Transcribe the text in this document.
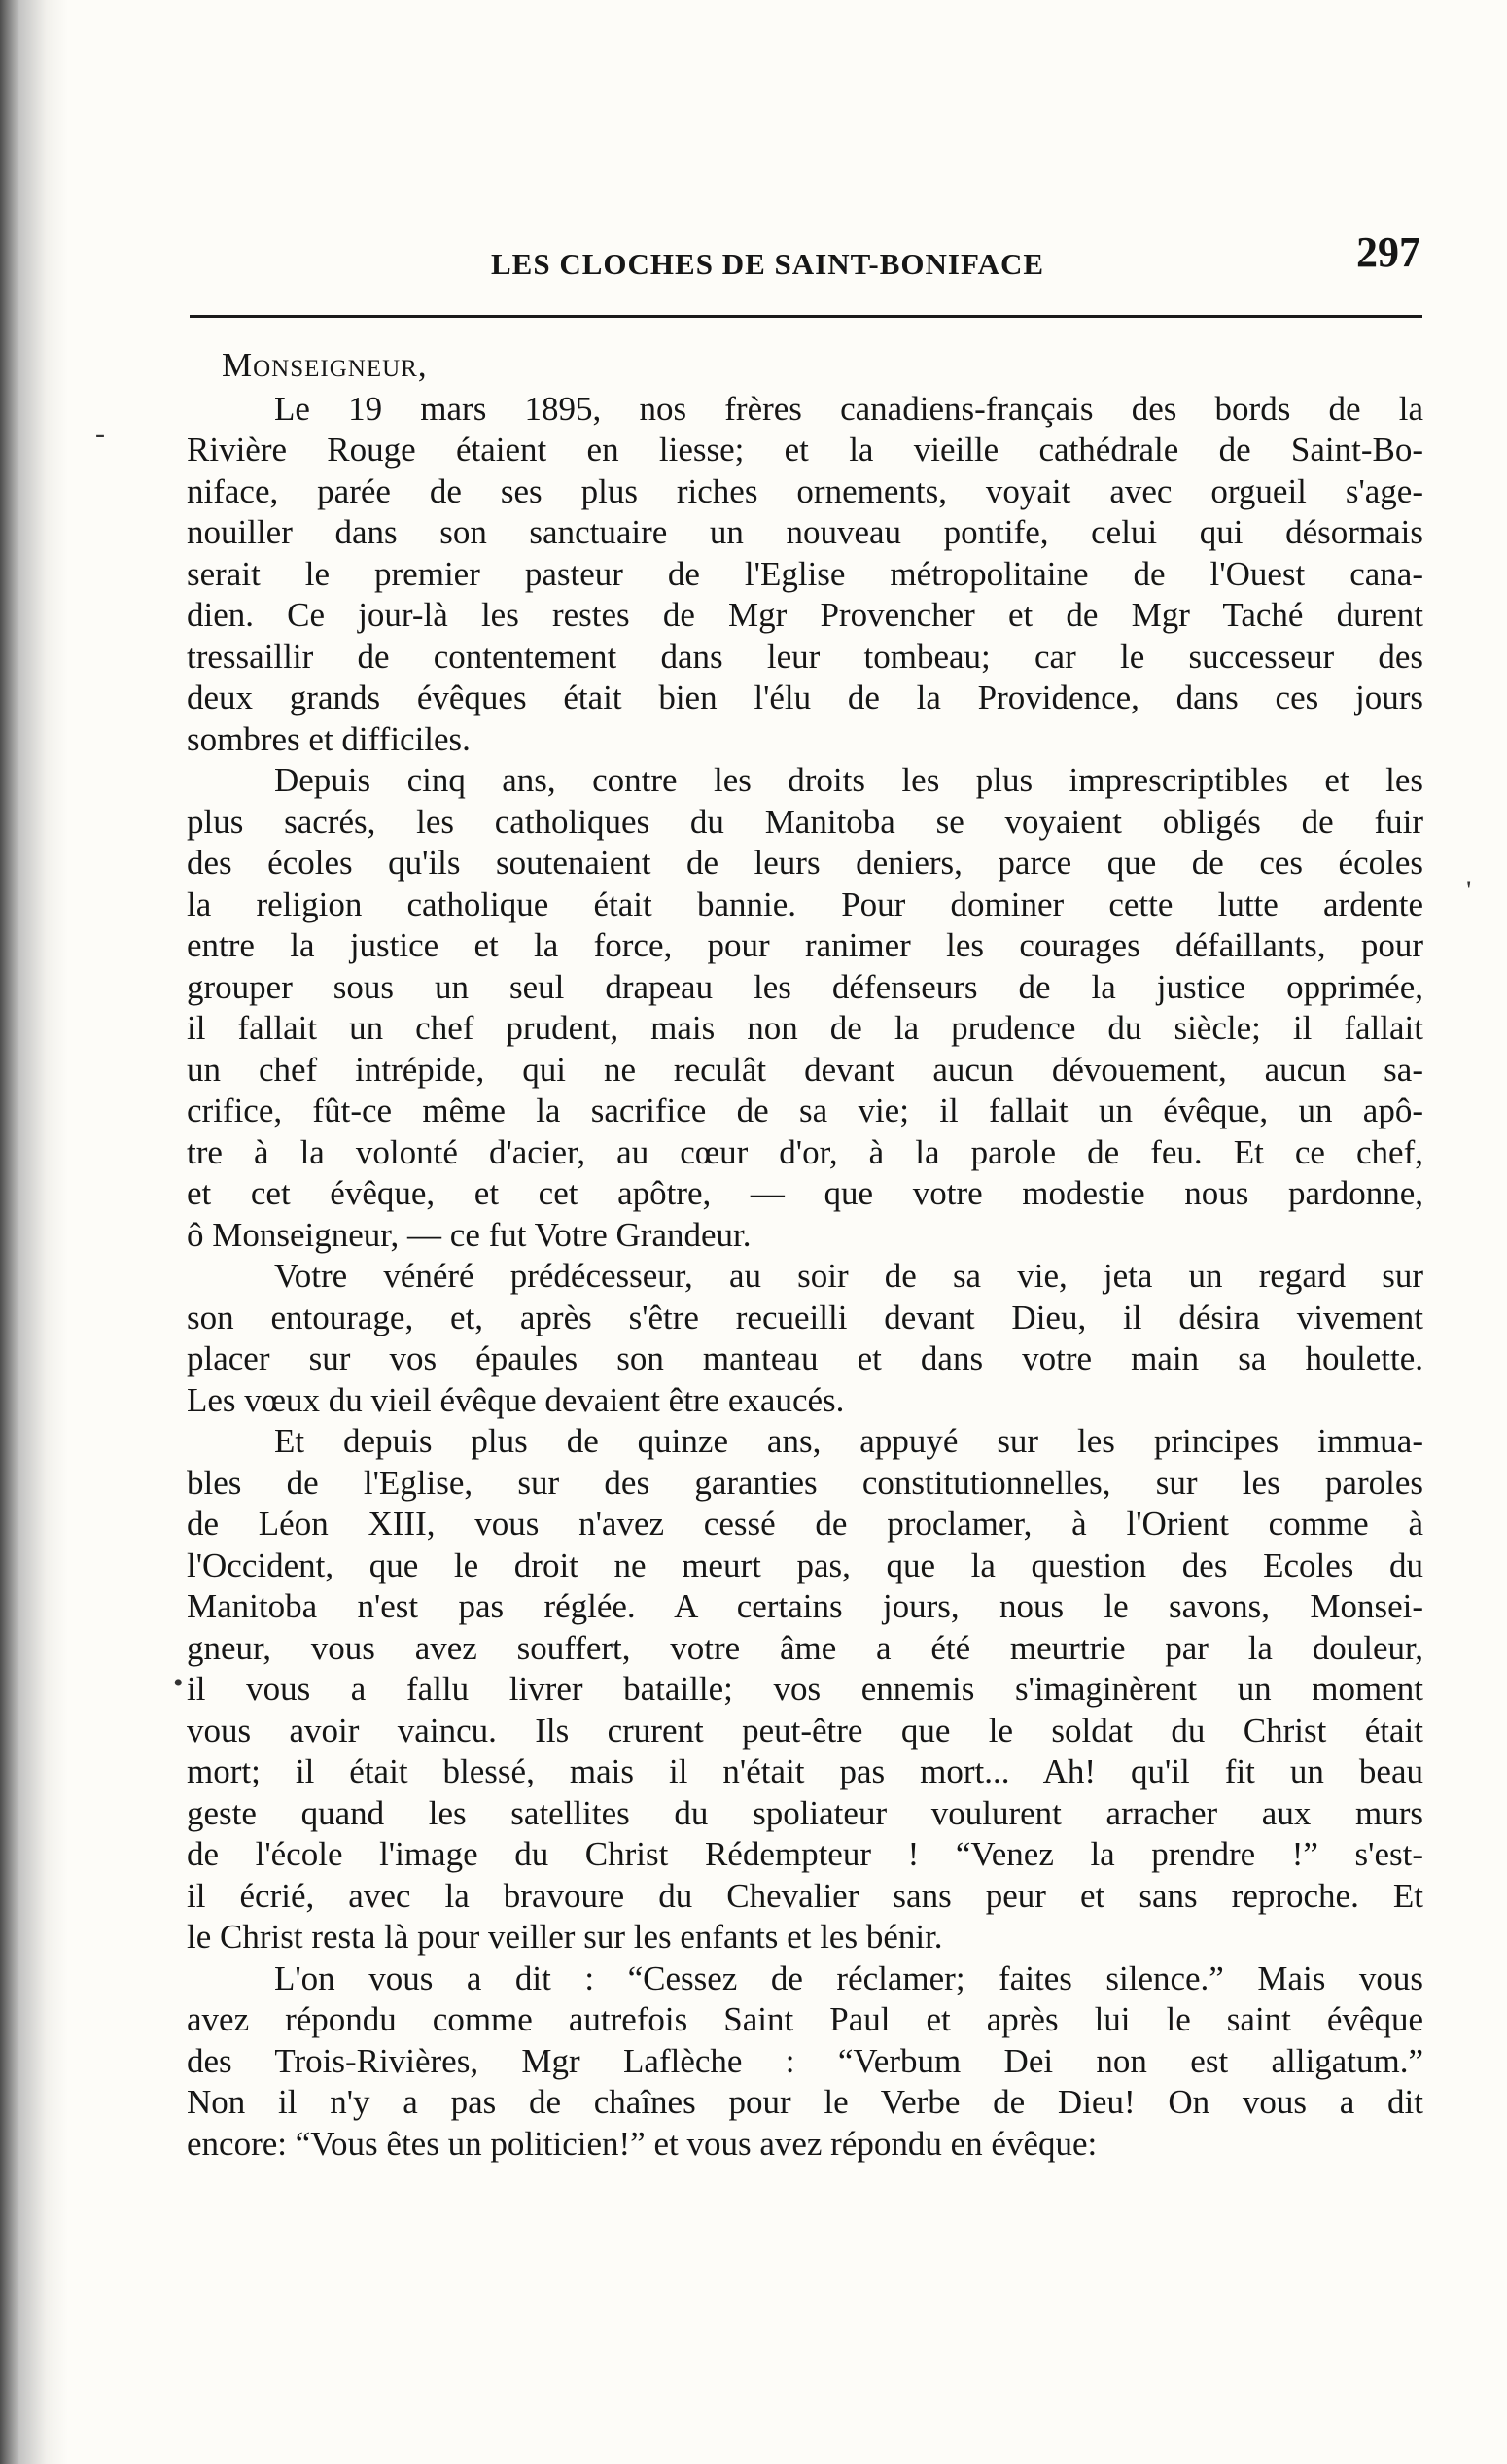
LES CLOCHES DE SAINT-BONIFACE	297
Monseigneur,
Le 19 mars 1895, nos frères canadiens-français des bords de la
Rivière Rouge étaient en liesse; et la vieille cathédrale de Saint-Bo-
niface, parée de ses plus riches ornements, voyait avec orgueil s'age-
nouiller dans son sanctuaire un nouveau pontife, celui qui désormais
serait le premier pasteur de l'Eglise métropolitaine de l'Ouest cana-
dien. Ce jour-là les restes de Mgr Provencher et de Mgr Taché durent
tressaillir de contentement dans leur tombeau; car le successeur des
deux grands évêques était bien l'élu de la Providence, dans ces jours
sombres et difficiles.
Depuis cinq ans, contre les droits les plus imprescriptibles et les
plus sacrés, les catholiques du Manitoba se voyaient obligés de fuir
des écoles qu'ils soutenaient de leurs deniers, parce que de ces écoles
la religion catholique était bannie. Pour dominer cette lutte ardente
entre la justice et la force, pour ranimer les courages défaillants, pour
grouper sous un seul drapeau les défenseurs de la justice opprimée,
il fallait un chef prudent, mais non de la prudence du siècle; il fallait
un chef intrépide, qui ne reculât devant aucun dévouement, aucun sa-
crifice, fût-ce même la sacrifice de sa vie; il fallait un évêque, un apô-
tre à la volonté d'acier, au cœur d'or, à la parole de feu. Et ce chef,
et cet évêque, et cet apôtre, — que votre modestie nous pardonne,
ô Monseigneur, — ce fut Votre Grandeur.
Votre vénéré prédécesseur, au soir de sa vie, jeta un regard sur
son entourage, et, après s'être recueilli devant Dieu, il désira vivement
placer sur vos épaules son manteau et dans votre main sa houlette.
Les vœux du vieil évêque devaient être exaucés.
Et depuis plus de quinze ans, appuyé sur les principes immua-
bles de l'Eglise, sur des garanties constitutionnelles, sur les paroles
de Léon XIII, vous n'avez cessé de proclamer, à l'Orient comme à
l'Occident, que le droit ne meurt pas, que la question des Ecoles du
Manitoba n'est pas réglée. A certains jours, nous le savons, Monsei-
gneur, vous avez souffert, votre âme a été meurtrie par la douleur,
il vous a fallu livrer bataille; vos ennemis s'imaginèrent un moment
vous avoir vaincu. Ils crurent peut-être que le soldat du Christ était
mort; il était blessé, mais il n'était pas mort... Ah! qu'il fit un beau
geste quand les satellites du spoliateur voulurent arracher aux murs
de l'école l'image du Christ Rédempteur ! “Venez la prendre !” s'est-
il écrié, avec la bravoure du Chevalier sans peur et sans reproche. Et
le Christ resta là pour veiller sur les enfants et les bénir.
L'on vous a dit : “Cessez de réclamer; faites silence.” Mais vous
avez répondu comme autrefois Saint Paul et après lui le saint évêque
des Trois-Rivières, Mgr Laflèche : “Verbum Dei non est alligatum.”
Non il n'y a pas de chaînes pour le Verbe de Dieu! On vous a dit
encore: “Vous êtes un politicien!” et vous avez répondu en évêque:
-
'
•
